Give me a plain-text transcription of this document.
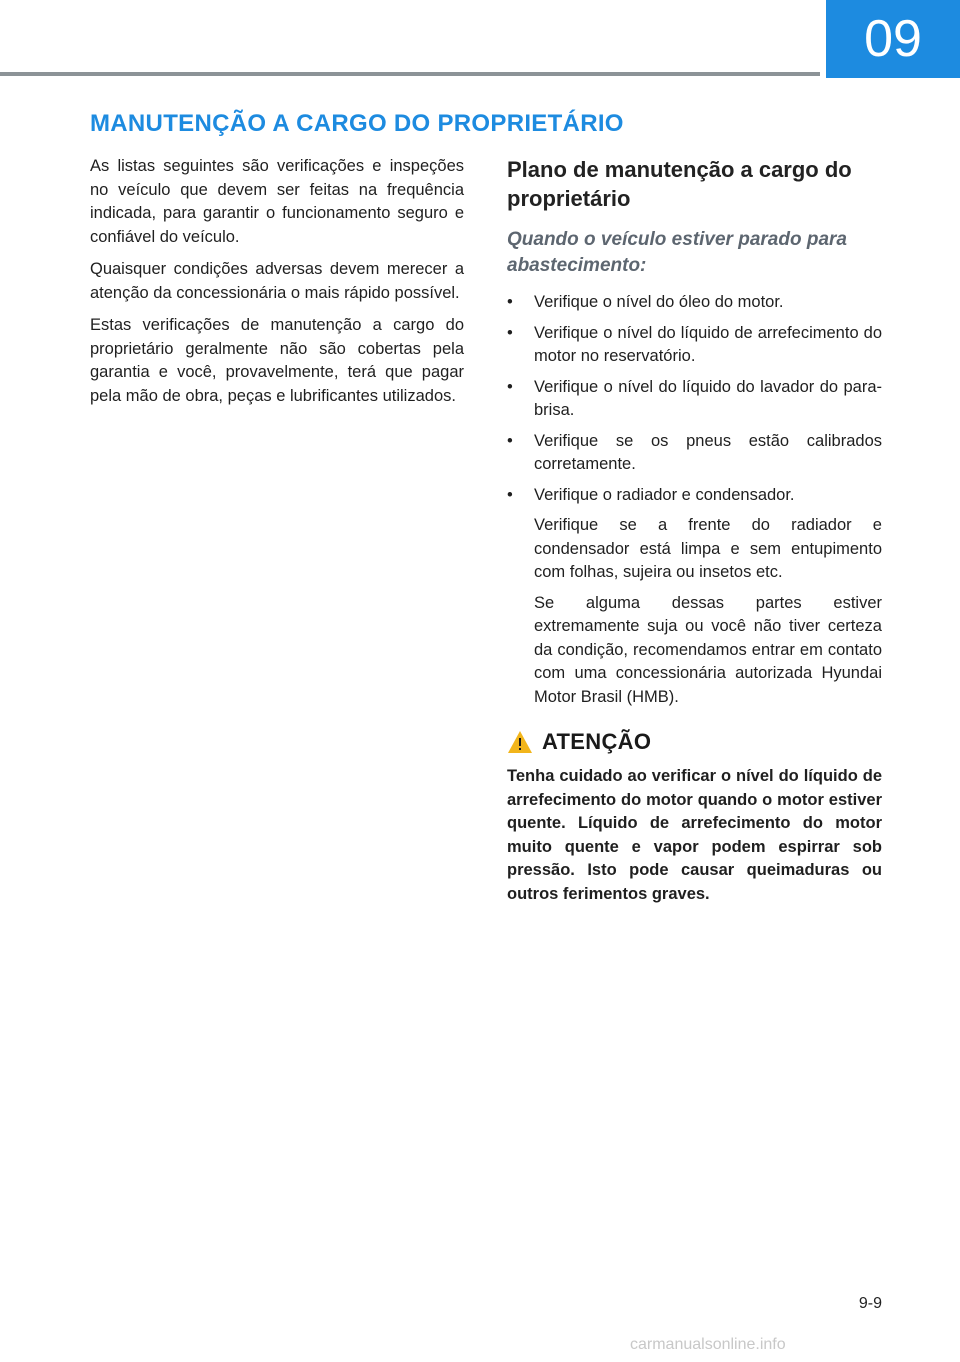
09
MANUTENÇÃO A CARGO DO PROPRIETÁRIO

As listas seguintes são verificações e inspeções no veículo que devem ser feitas na frequência indicada, para garantir o funcionamento seguro e confiável do veículo.

Quaisquer condições adversas devem merecer a atenção da concessionária o mais rápido possível.

Estas verificações de manutenção a cargo do proprietário geralmente não são cobertas pela garantia e você, provavelmente, terá que pagar pela mão de obra, peças e lubrificantes utilizados.

Plano de manutenção a cargo do proprietário
Quando o veículo estiver parado para abastecimento:
• Verifique o nível do óleo do motor.
• Verifique o nível do líquido de arrefecimento do motor no reservatório.
• Verifique o nível do líquido do lavador do para-brisa.
• Verifique se os pneus estão calibrados corretamente.
• Verifique o radiador e condensador.

Verifique se a frente do radiador e condensador está limpa e sem entupimento com folhas, sujeira ou insetos etc.

Se alguma dessas partes estiver extremamente suja ou você não tiver certeza da condição, recomendamos entrar em contato com uma concessionária autorizada Hyundai Motor Brasil (HMB).

ATENÇÃO

Tenha cuidado ao verificar o nível do líquido de arrefecimento do motor quando o motor estiver quente. Líquido de arrefecimento do motor muito quente e vapor podem espirrar sob pressão. Isto pode causar queimaduras ou outros ferimentos graves.

9-9
carmanualsonline.info
